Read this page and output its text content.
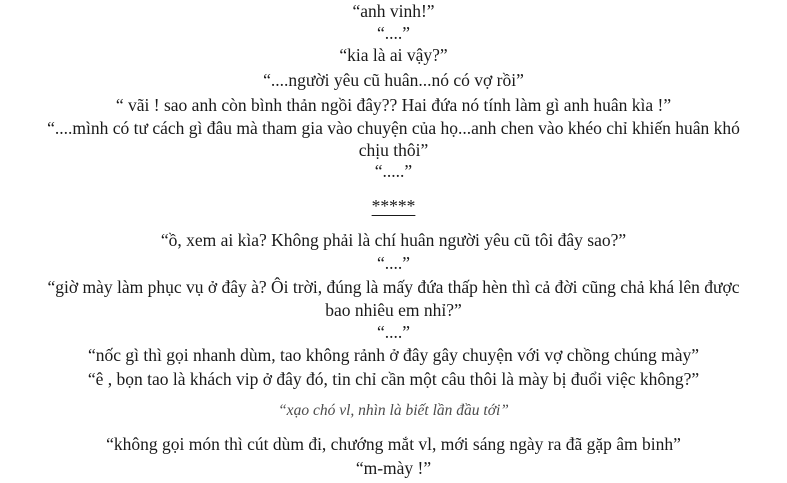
“anh vinh!”
“....”
“kia là ai vậy?”
“....người yêu cũ huân...nó có vợ rồi”
“ vãi ! sao anh còn bình thản ngồi đây?? Hai đứa nó tính làm gì anh huân kìa !”
“....mình có tư cách gì đâu mà tham gia vào chuyện của họ...anh chen vào khéo chỉ khiến huân khó
chịu thôi”
“.....”
*****
“ồ, xem ai kìa? Không phải là chí huân người yêu cũ tôi đây sao?”
“....”
“giờ mày làm phục vụ ở đây à? Ôi trời, đúng là mấy đứa thấp hèn thì cả đời cũng chả khá lên được
bao nhiêu em nhỉ?”
“....”
“nốc gì thì gọi nhanh dùm, tao không rảnh ở đây gây chuyện với vợ chồng chúng mày”
“ê , bọn tao là khách vip ở đây đó, tin chỉ cần một câu thôi là mày bị đuổi việc không?”
“xạo chó vl, nhìn là biết lần đầu tới”
“không gọi món thì cút dùm đi, chướng mắt vl, mới sáng ngày ra đã gặp âm binh”
“m-mày !”
